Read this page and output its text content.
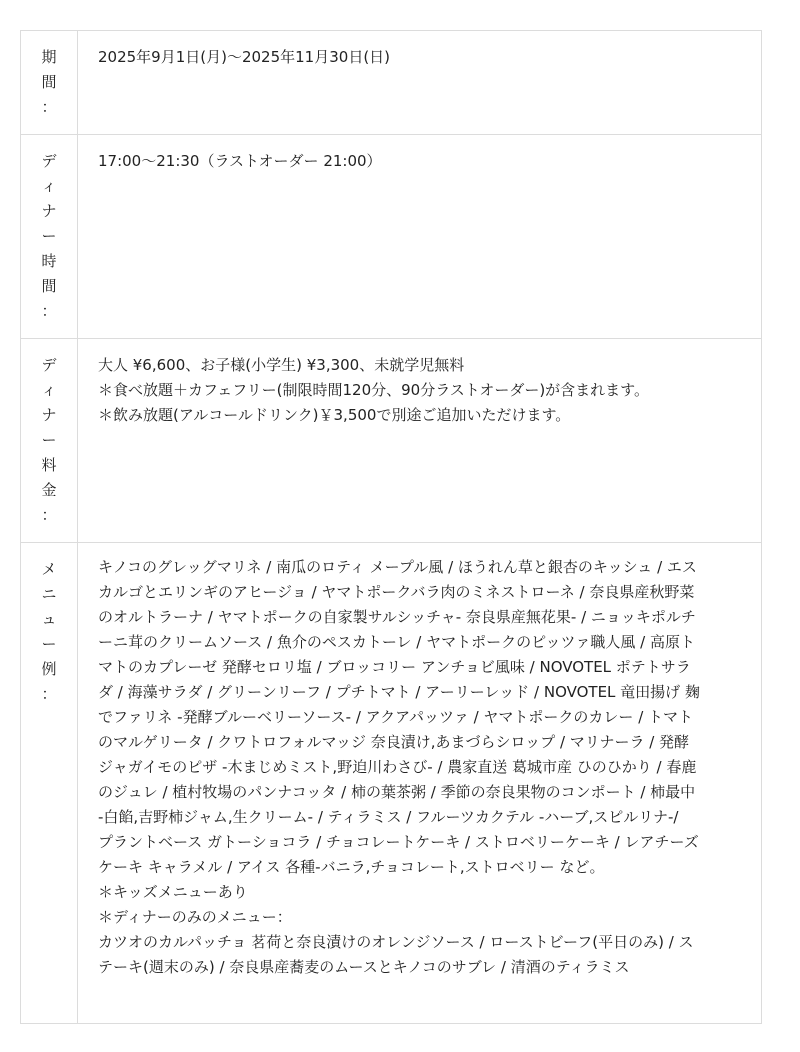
期
間
：

2025年9月1日(月)〜2025年11月30日(日)

デ
ィ
ナ
ー
時
間
：

17:00〜21:30（ラストオーダー 21:00）

デ
ィ
ナ
ー
料
金
：

大人 ¥6,600、お子様(小学生) ¥3,300、未就学児無料

＊食べ放題＋カフェフリー(制限時間120分、90分ラストオーダー)が含まれます。

＊飲み放題(アルコールドリンク)￥3,500で別途ご追加いただけます。

メ
ニ
ュ
ー
例
：

キノコのグレッグマリネ / 南瓜のロティ メープル風 / ほうれん草と銀杏のキッシュ / エス

カルゴとエリンギのアヒージョ / ヤマトポークバラ肉のミネストローネ / 奈良県産秋野菜

のオルトラーナ / ヤマトポークの自家製サルシッチャ- 奈良県産無花果- / ニョッキポルチ

ーニ茸のクリームソース / 魚介のペスカトーレ / ヤマトポークのピッツァ職人風 / 高原ト

マトのカプレーゼ 発酵セロリ塩 / ブロッコリー アンチョビ風味 / NOVOTEL ポテトサラ

ダ / 海藻サラダ / グリーンリーフ / プチトマト / アーリーレッド / NOVOTEL 竜田揚げ 麹

でファリネ -発酵ブルーベリーソース- / アクアパッツァ / ヤマトポークのカレー / トマト

のマルゲリータ / クワトロフォルマッジ 奈良漬け,あまづらシロップ / マリナーラ / 発酵

ジャガイモのピザ -木まじめミスト,野迫川わさび- / 農家直送 葛城市産 ひのひかり / 春鹿

のジュレ / 植村牧場のパンナコッタ / 柿の葉茶粥 / 季節の奈良果物のコンポート / 柿最中

-白餡,吉野柿ジャム,生クリーム- / ティラミス / フルーツカクテル -ハーブ,スピルリナ-/

プラントベース ガトーショコラ / チョコレートケーキ / ストロベリーケーキ / レアチーズ

ケーキ キャラメル / アイス 各種-バニラ,チョコレート,ストロベリー など。

＊キッズメニューあり

＊ディナーのみのメニュー：

カツオのカルパッチョ 茗荷と奈良漬けのオレンジソース / ローストビーフ(平日のみ) / ス

テーキ(週末のみ) / 奈良県産蕎麦のムースとキノコのサブレ / 清酒のティラミス
